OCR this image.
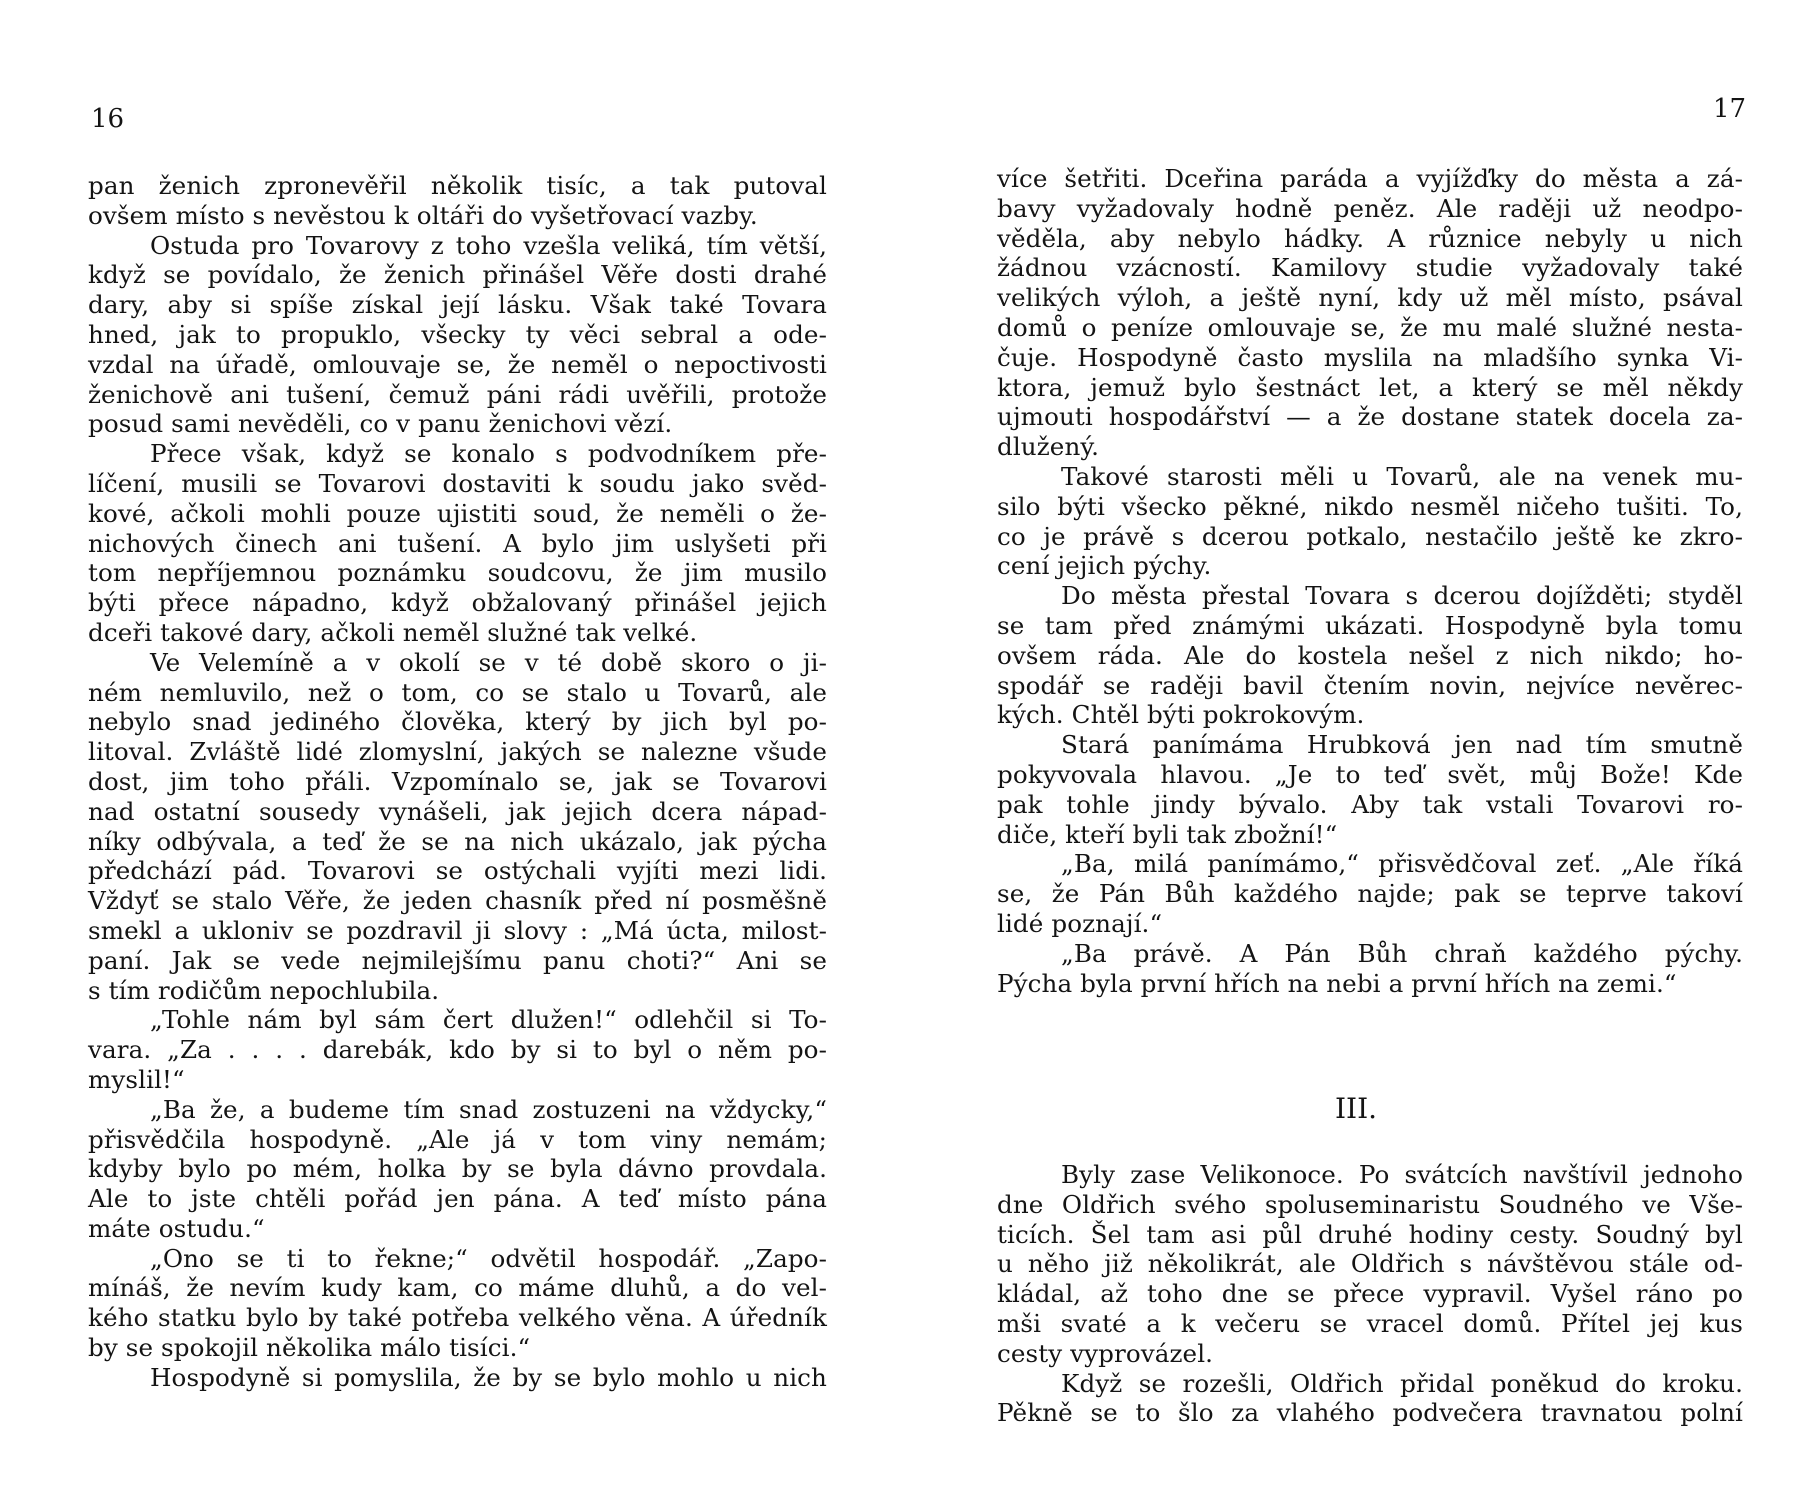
16
pan ženich zpronevěřil několik tisíc, a tak putoval
ovšem místo s nevěstou k oltáři do vyšetřovací vazby.
Ostuda pro Tovarovy z toho vzešla veliká, tím větší,
když se povídalo, že ženich přinášel Věře dosti drahé
dary, aby si spíše získal její lásku. Však také Tovara
hned, jak to propuklo, všecky ty věci sebral a ode-
vzdal na úřadě, omlouvaje se, že neměl o nepoctivosti
ženichově ani tušení, čemuž páni rádi uvěřili, protože
posud sami nevěděli, co v panu ženichovi vězí.
Přece však, když se konalo s podvodníkem pře-
líčení, musili se Tovarovi dostaviti k soudu jako svěd-
kové, ačkoli mohli pouze ujistiti soud, že neměli o že-
nichových činech ani tušení. A bylo jim uslyšeti při
tom nepříjemnou poznámku soudcovu, že jim musilo
býti přece nápadno, když obžalovaný přinášel jejich
dceři takové dary, ačkoli neměl služné tak velké.
Ve Velemíně a v okolí se v té době skoro o ji-
ném nemluvilo, než o tom, co se stalo u Tovarů, ale
nebylo snad jediného člověka, který by jich byl po-
litoval. Zvláště lidé zlomyslní, jakých se nalezne všude
dost, jim toho přáli. Vzpomínalo se, jak se Tovarovi
nad ostatní sousedy vynášeli, jak jejich dcera nápad-
níky odbývala, a teď že se na nich ukázalo, jak pýcha
předchází pád. Tovarovi se ostýchali vyjíti mezi lidi.
Vždyť se stalo Věře, že jeden chasník před ní posměšně
smekl a ukloniv se pozdravil ji slovy : „Má úcta, milost-
paní. Jak se vede nejmilejšímu panu choti?“ Ani se
s tím rodičům nepochlubila.
„Tohle nám byl sám čert dlužen!“ odlehčil si To-
vara. „Za . . . . darebák, kdo by si to byl o něm po-
myslil!“
„Ba že, a budeme tím snad zostuzeni na vždycky,“
přisvědčila hospodyně. „Ale já v tom viny nemám;
kdyby bylo po mém, holka by se byla dávno provdala.
Ale to jste chtěli pořád jen pána. A teď místo pána
máte ostudu.“
„Ono se ti to řekne;“ odvětil hospodář. „Zapo-
mínáš, že nevím kudy kam, co máme dluhů, a do vel-
kého statku bylo by také potřeba velkého věna. A úředník
by se spokojil několika málo tisíci.“
Hospodyně si pomyslila, že by se bylo mohlo u nich
17
více šetřiti. Dceřina paráda a vyjížďky do města a zá-
bavy vyžadovaly hodně peněz. Ale raději už neodpo-
věděla, aby nebylo hádky. A různice nebyly u nich
žádnou vzácností. Kamilovy studie vyžadovaly také
velikých výloh, a ještě nyní, kdy už měl místo, psával
domů o peníze omlouvaje se, že mu malé služné nesta-
čuje. Hospodyně často myslila na mladšího synka Vi-
ktora, jemuž bylo šestnáct let, a který se měl někdy
ujmouti hospodářství — a že dostane statek docela za-
dlužený.
Takové starosti měli u Tovarů, ale na venek mu-
silo býti všecko pěkné, nikdo nesměl ničeho tušiti. To,
co je právě s dcerou potkalo, nestačilo ještě ke zkro-
cení jejich pýchy.
Do města přestal Tovara s dcerou dojížděti; styděl
se tam před známými ukázati. Hospodyně byla tomu
ovšem ráda. Ale do kostela nešel z nich nikdo; ho-
spodář se raději bavil čtením novin, nejvíce nevěrec-
kých. Chtěl býti pokrokovým.
Stará panímáma Hrubková jen nad tím smutně
pokyvovala hlavou. „Je to teď svět, můj Bože! Kde
pak tohle jindy bývalo. Aby tak vstali Tovarovi ro-
diče, kteří byli tak zbožní!“
„Ba, milá panímámo,“ přisvědčoval zeť. „Ale říká
se, že Pán Bůh každého najde; pak se teprve takoví
lidé poznají.“
„Ba právě. A Pán Bůh chraň každého pýchy.
Pýcha byla první hřích na nebi a první hřích na zemi.“
III.
Byly zase Velikonoce. Po svátcích navštívil jednoho
dne Oldřich svého spoluseminaristu Soudného ve Vše-
ticích. Šel tam asi půl druhé hodiny cesty. Soudný byl
u něho již několikrát, ale Oldřich s návštěvou stále od-
kládal, až toho dne se přece vypravil. Vyšel ráno po
mši svaté a k večeru se vracel domů. Přítel jej kus
cesty vyprovázel.
Když se rozešli, Oldřich přidal poněkud do kroku.
Pěkně se to šlo za vlahého podvečera travnatou polní
